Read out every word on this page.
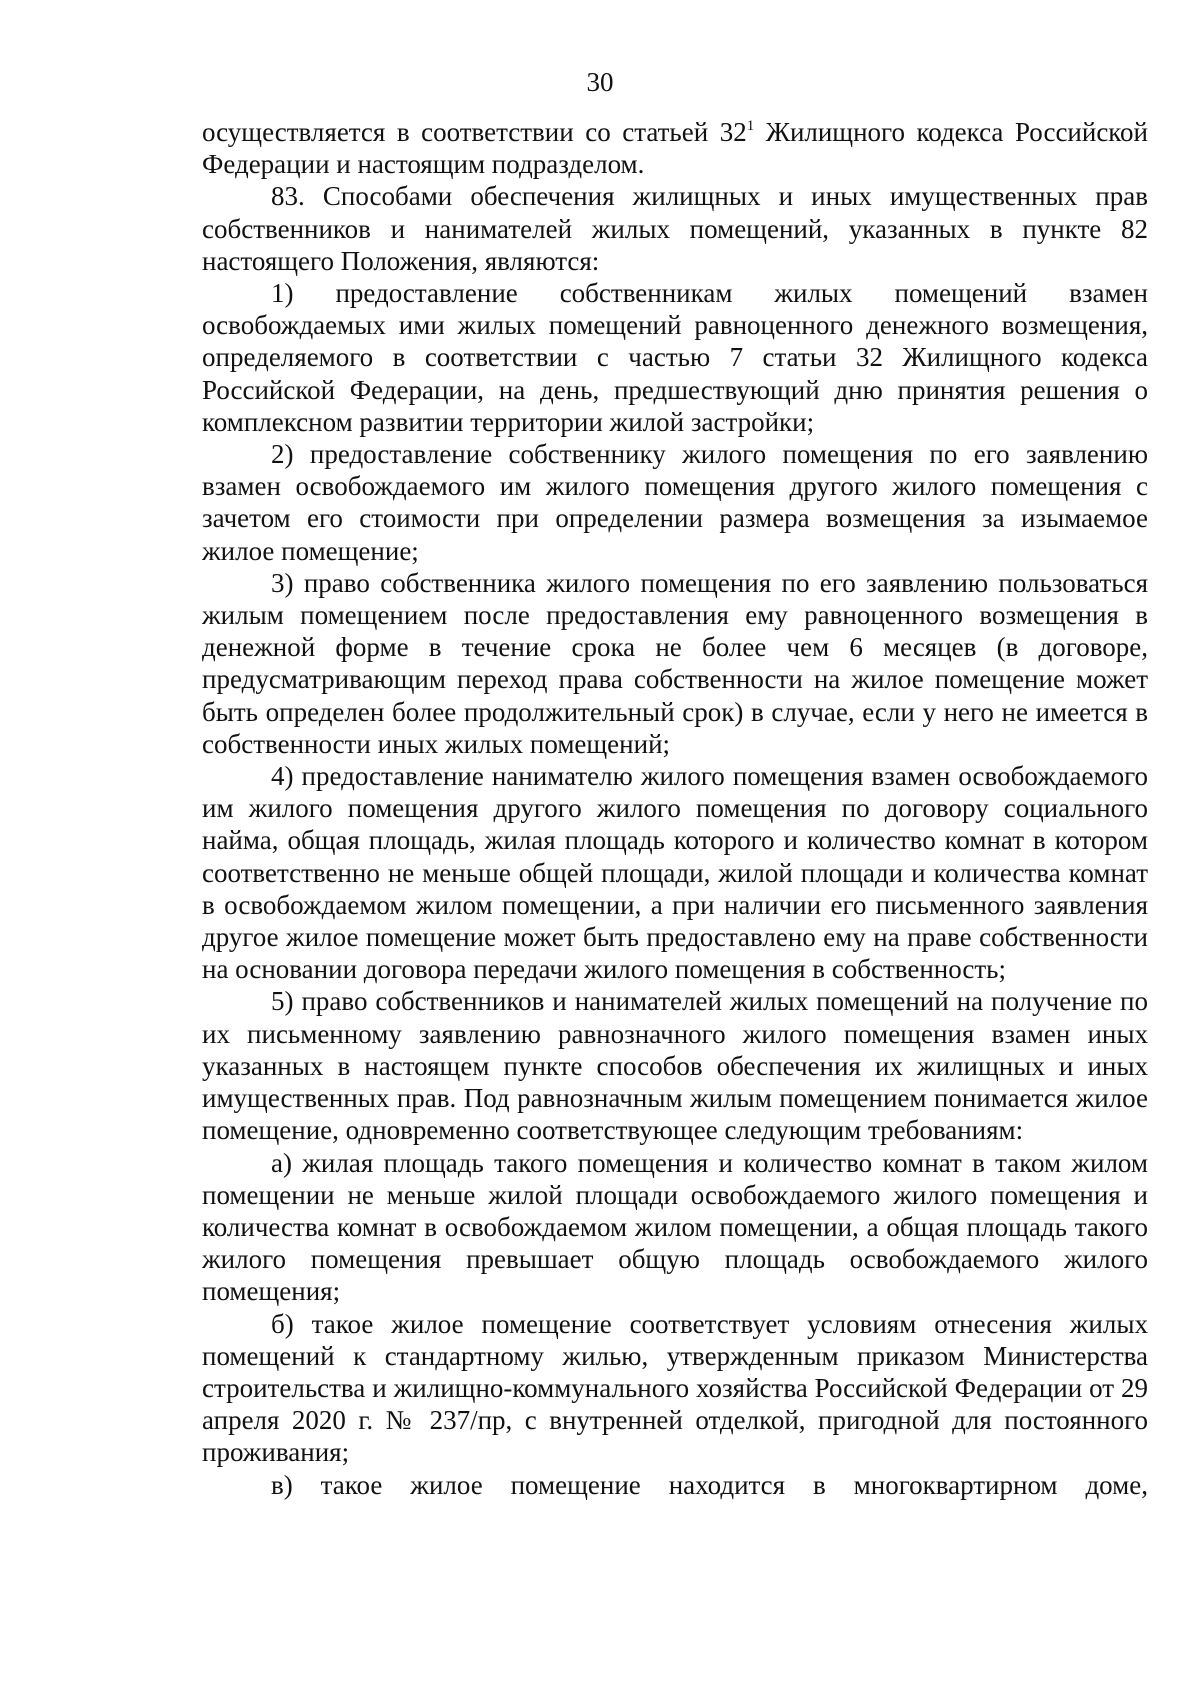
30

осуществляется в соответствии со статьей $32^1$ Жилищного кодекса Российской Федерации и настоящим подразделом.

83. Способами обеспечения жилищных и иных имущественных прав собственников и нанимателей жилых помещений, указанных в пункте 82 настоящего Положения, являются:

1) предоставление собственникам жилых помещений взамен освобождаемых ими жилых помещений равноценного денежного возмещения, определяемого в соответствии с частью 7 статьи 32 Жилищного кодекса Российской Федерации, на день, предшествующий дню принятия решения о комплексном развитии территории жилой застройки;

2) предоставление собственнику жилого помещения по его заявлению взамен освобождаемого им жилого помещения другого жилого помещения с зачетом его стоимости при определении размера возмещения за изымаемое жилое помещение;

3) право собственника жилого помещения по его заявлению пользоваться жилым помещением после предоставления ему равноценного возмещения в денежной форме в течение срока не более чем 6 месяцев (в договоре, предусматривающим переход права собственности на жилое помещение может быть определен более продолжительный срок) в случае, если у него не имеется в собственности иных жилых помещений;

4) предоставление нанимателю жилого помещения взамен освобождаемого им жилого помещения другого жилого помещения по договору социального найма, общая площадь, жилая площадь которого и количество комнат в котором соответственно не меньше общей площади, жилой площади и количества комнат в освобождаемом жилом помещении, а при наличии его письменного заявления другое жилое помещение может быть предоставлено ему на праве собственности на основании договора передачи жилого помещения в собственность;

5) право собственников и нанимателей жилых помещений на получение по их письменному заявлению равнозначного жилого помещения взамен иных указанных в настоящем пункте способов обеспечения их жилищных и иных имущественных прав. Под равнозначным жилым помещением понимается жилое помещение, одновременно соответствующее следующим требованиям:

а) жилая площадь такого помещения и количество комнат в таком жилом помещении не меньше жилой площади освобождаемого жилого помещения и количества комнат в освобождаемом жилом помещении, а общая площадь такого жилого помещения превышает общую площадь освобождаемого жилого помещения;

б) такое жилое помещение соответствует условиям отнесения жилых помещений к стандартному жилью, утвержденным приказом Министерства строительства и жилищно-коммунального хозяйства Российской Федерации от 29 апреля 2020 г. № 237/пр, с внутренней отделкой, пригодной для постоянного проживания;

в) такое жилое помещение находится в многоквартирном доме,
